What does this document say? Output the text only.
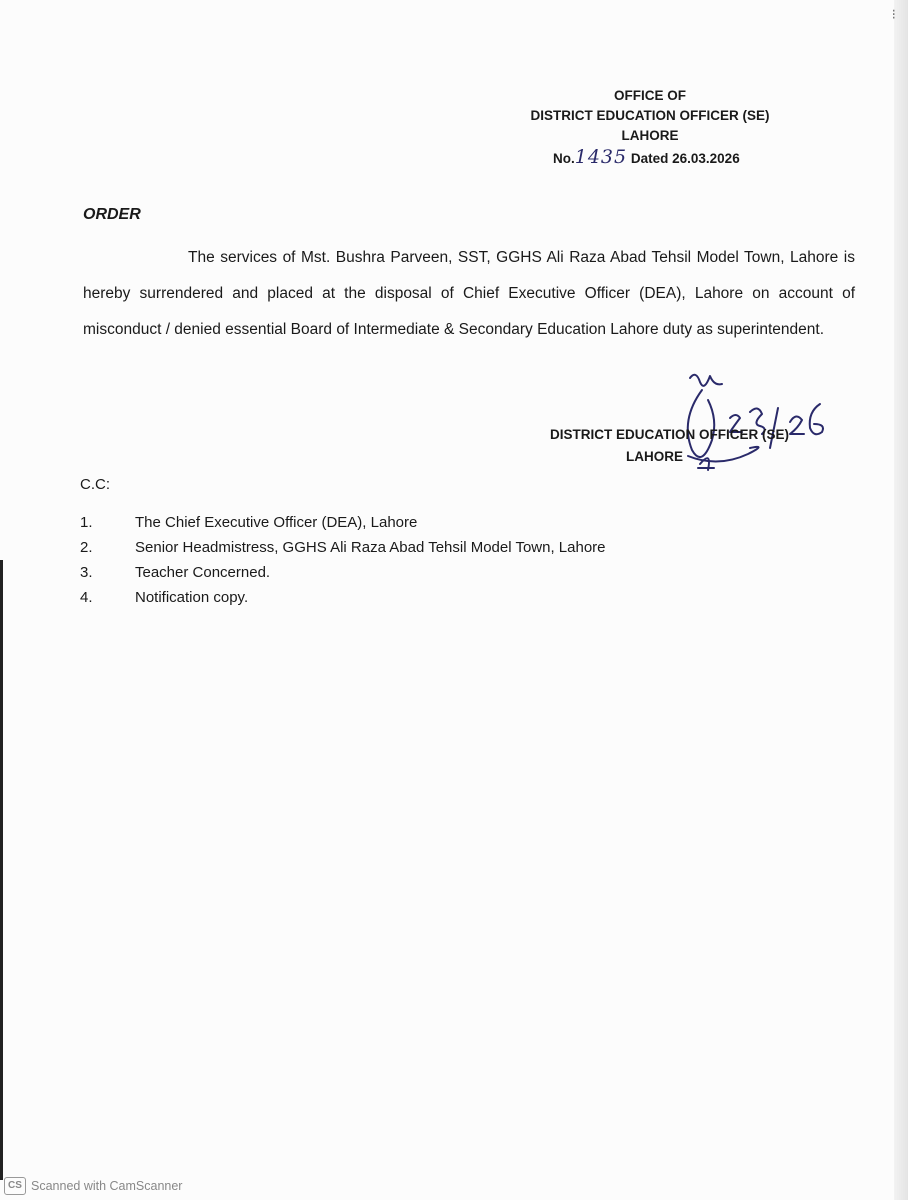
⁝
OFFICE OF
DISTRICT EDUCATION OFFICER (SE)
LAHORE
No.1435 Dated 26.03.2026
ORDER

The services of Mst. Bushra Parveen, SST, GGHS Ali Raza Abad Tehsil Model Town, Lahore is hereby surrendered and placed at the disposal of Chief Executive Officer (DEA), Lahore on account of misconduct / denied essential Board of Intermediate & Secondary Education Lahore duty as superintendent.

DISTRICT EDUCATION OFFICER (SE)
LAHORE
C.C:
1.	The Chief Executive Officer (DEA), Lahore
2.	Senior Headmistress, GGHS Ali Raza Abad Tehsil Model Town, Lahore
3.	Teacher Concerned.
4.	Notification copy.
CS Scanned with CamScanner
